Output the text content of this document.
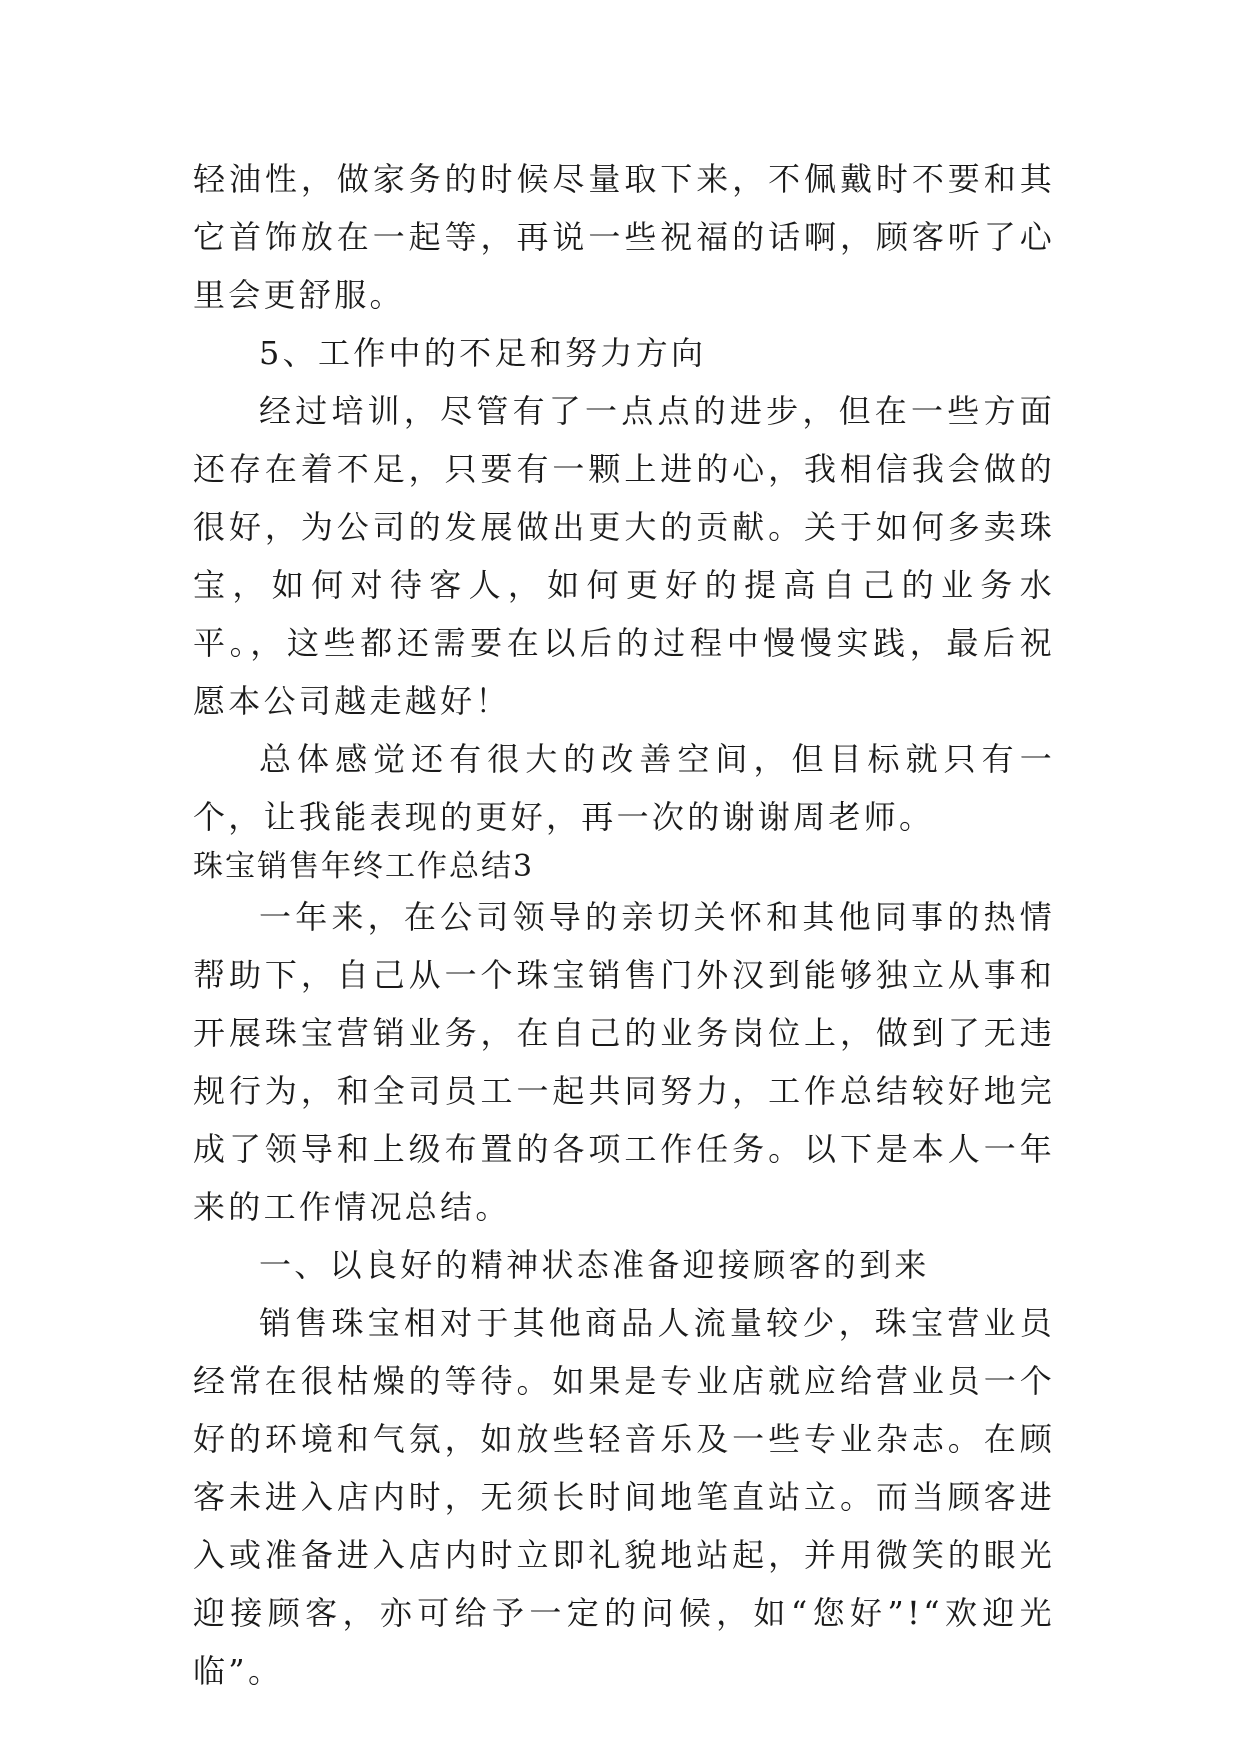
轻油性，做家务的时候尽量取下来，不佩戴时不要和其它首饰放在一起等，再说一些祝福的话啊，顾客听了心里会更舒服。

5、工作中的不足和努力方向

经过培训，尽管有了一点点的进步，但在一些方面还存在着不足，只要有一颗上进的心，我相信我会做的很好，为公司的发展做出更大的贡献。关于如何多卖珠宝，如何对待客人，如何更好的提高自己的业务水平。，这些都还需要在以后的过程中慢慢实践，最后祝愿本公司越走越好！

总体感觉还有很大的改善空间，但目标就只有一个，让我能表现的更好，再一次的谢谢周老师。

珠宝销售年终工作总结3

一年来，在公司领导的亲切关怀和其他同事的热情帮助下，自己从一个珠宝销售门外汉到能够独立从事和开展珠宝营销业务，在自己的业务岗位上，做到了无违规行为，和全司员工一起共同努力，工作总结较好地完成了领导和上级布置的各项工作任务。以下是本人一年来的工作情况总结。

一、以良好的精神状态准备迎接顾客的到来

销售珠宝相对于其他商品人流量较少，珠宝营业员经常在很枯燥的等待。如果是专业店就应给营业员一个好的环境和气氛，如放些轻音乐及一些专业杂志。在顾客未进入店内时，无须长时间地笔直站立。而当顾客进入或准备进入店内时立即礼貌地站起，并用微笑的眼光迎接顾客，亦可给予一定的问候，如“您好”!“欢迎光临”。
